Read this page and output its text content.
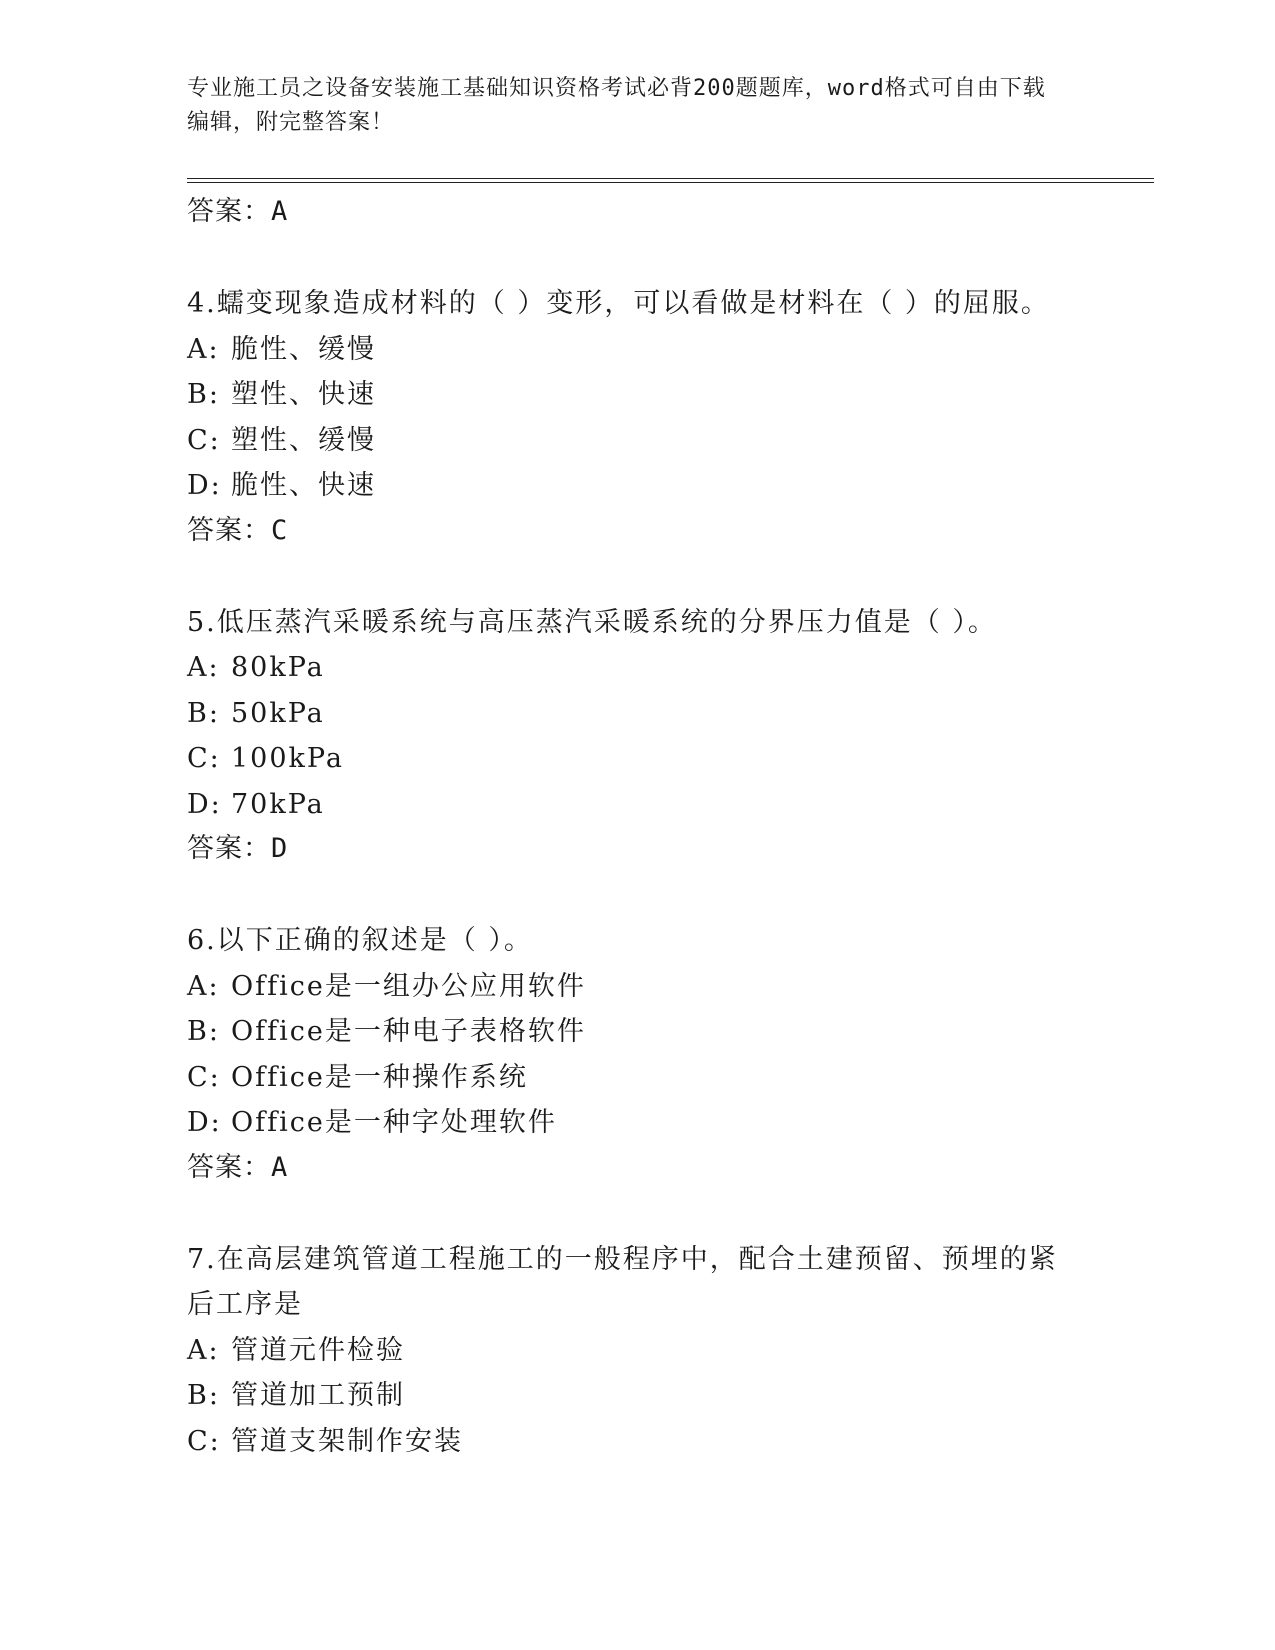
专业施工员之设备安装施工基础知识资格考试必背200题题库，word格式可自由下载编辑，附完整答案！
答案：A
4.蠕变现象造成材料的（ ）变形，可以看做是材料在（ ）的屈服。
A: 脆性、缓慢
B: 塑性、快速
C: 塑性、缓慢
D: 脆性、快速
答案：C
5.低压蒸汽采暖系统与高压蒸汽采暖系统的分界压力值是（ ）。
A: 80kPa
B: 50kPa
C: 100kPa
D: 70kPa
答案：D
6.以下正确的叙述是（ ）。
A: Office是一组办公应用软件
B: Office是一种电子表格软件
C: Office是一种操作系统
D: Office是一种字处理软件
答案：A
7.在高层建筑管道工程施工的一般程序中，配合土建预留、预埋的紧后工序是
A: 管道元件检验
B: 管道加工预制
C: 管道支架制作安装
